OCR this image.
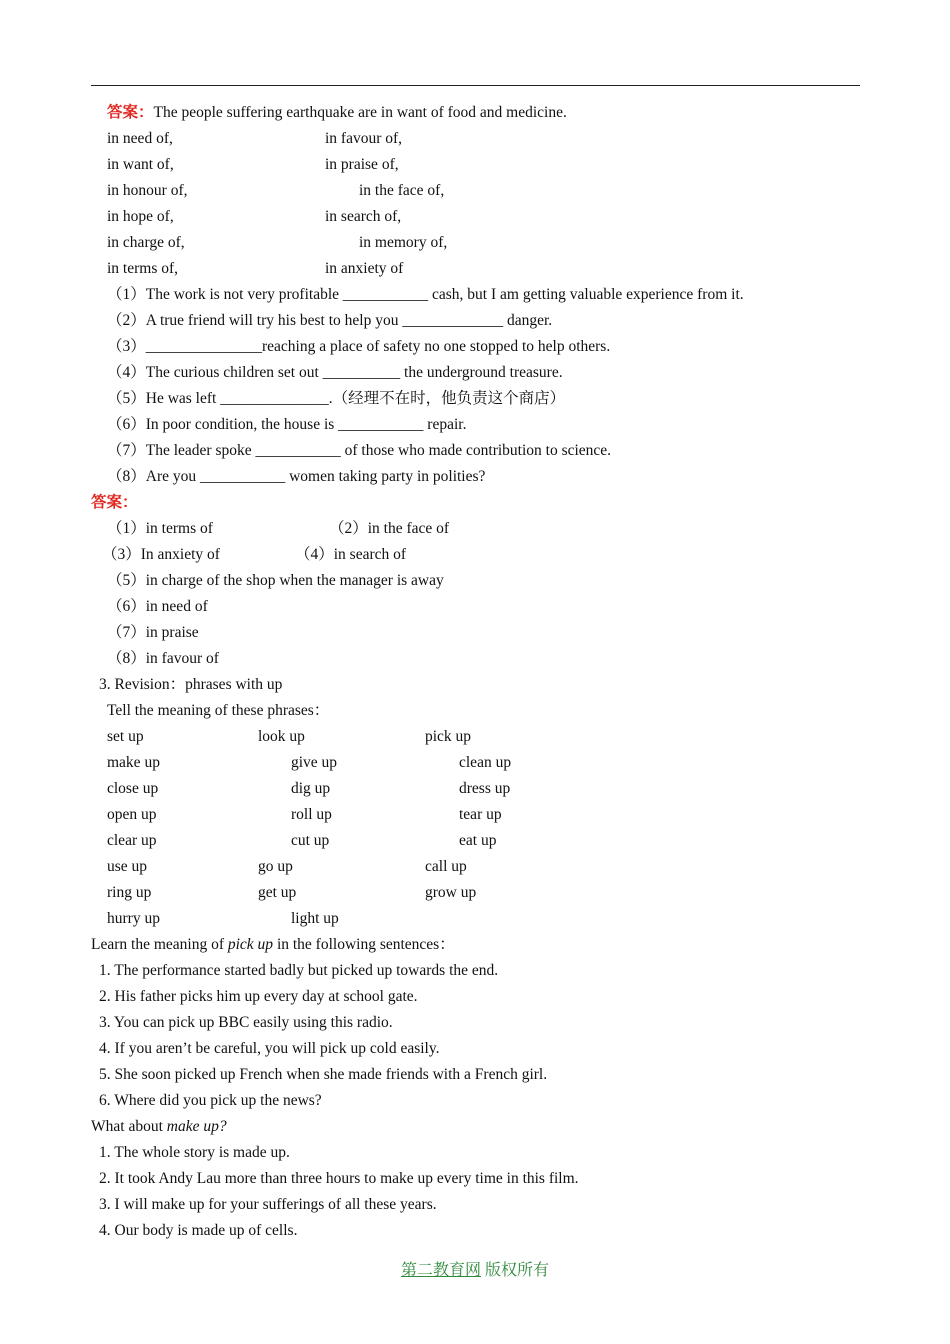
答案：The people suffering earthquake are in want of food and medicine.
in need of,	in favour of,
in want of,	in praise of,
in honour of,	in the face of,
in hope of,	in search of,
in charge of,	in memory of,
in terms of,	in anxiety of
（1）The work is not very profitable ___________ cash, but I am getting valuable experience from it.
（2）A true friend will try his best to help you _____________ danger.
（3）_______________reaching a place of safety no one stopped to help others.
（4）The curious children set out __________ the underground treasure.
（5）He was left ______________.（经理不在时，他负责这个商店）
（6）In poor condition, the house is ___________ repair.
（7）The leader spoke ___________ of those who made contribution to science.
（8）Are you ___________ women taking party in polities?
答案：
（1）in terms of	（2）in the face of
（3）In anxiety of	（4）in search of
（5）in charge of the shop when the manager is away
（6）in need of
（7）in praise
（8）in favour of
3. Revision：phrases with up
Tell the meaning of these phrases：
set up	look up	pick up
make up	give up	clean up
close up	dig up	dress up
open up	roll up	tear up
clear up	cut up	eat up
use up	go up	call up
ring up	get up	grow up
hurry up	light up
Learn the meaning of pick up in the following sentences：
1. The performance started badly but picked up towards the end.
2. His father picks him up every day at school gate.
3. You can pick up BBC easily using this radio.
4. If you aren’t be careful, you will pick up cold easily.
5. She soon picked up French when she made friends with a French girl.
6. Where did you pick up the news?
What about make up?
1. The whole story is made up.
2. It took Andy Lau more than three hours to make up every time in this film.
3. I will make up for your sufferings of all these years.
4. Our body is made up of cells.
第二教育网 版权所有
